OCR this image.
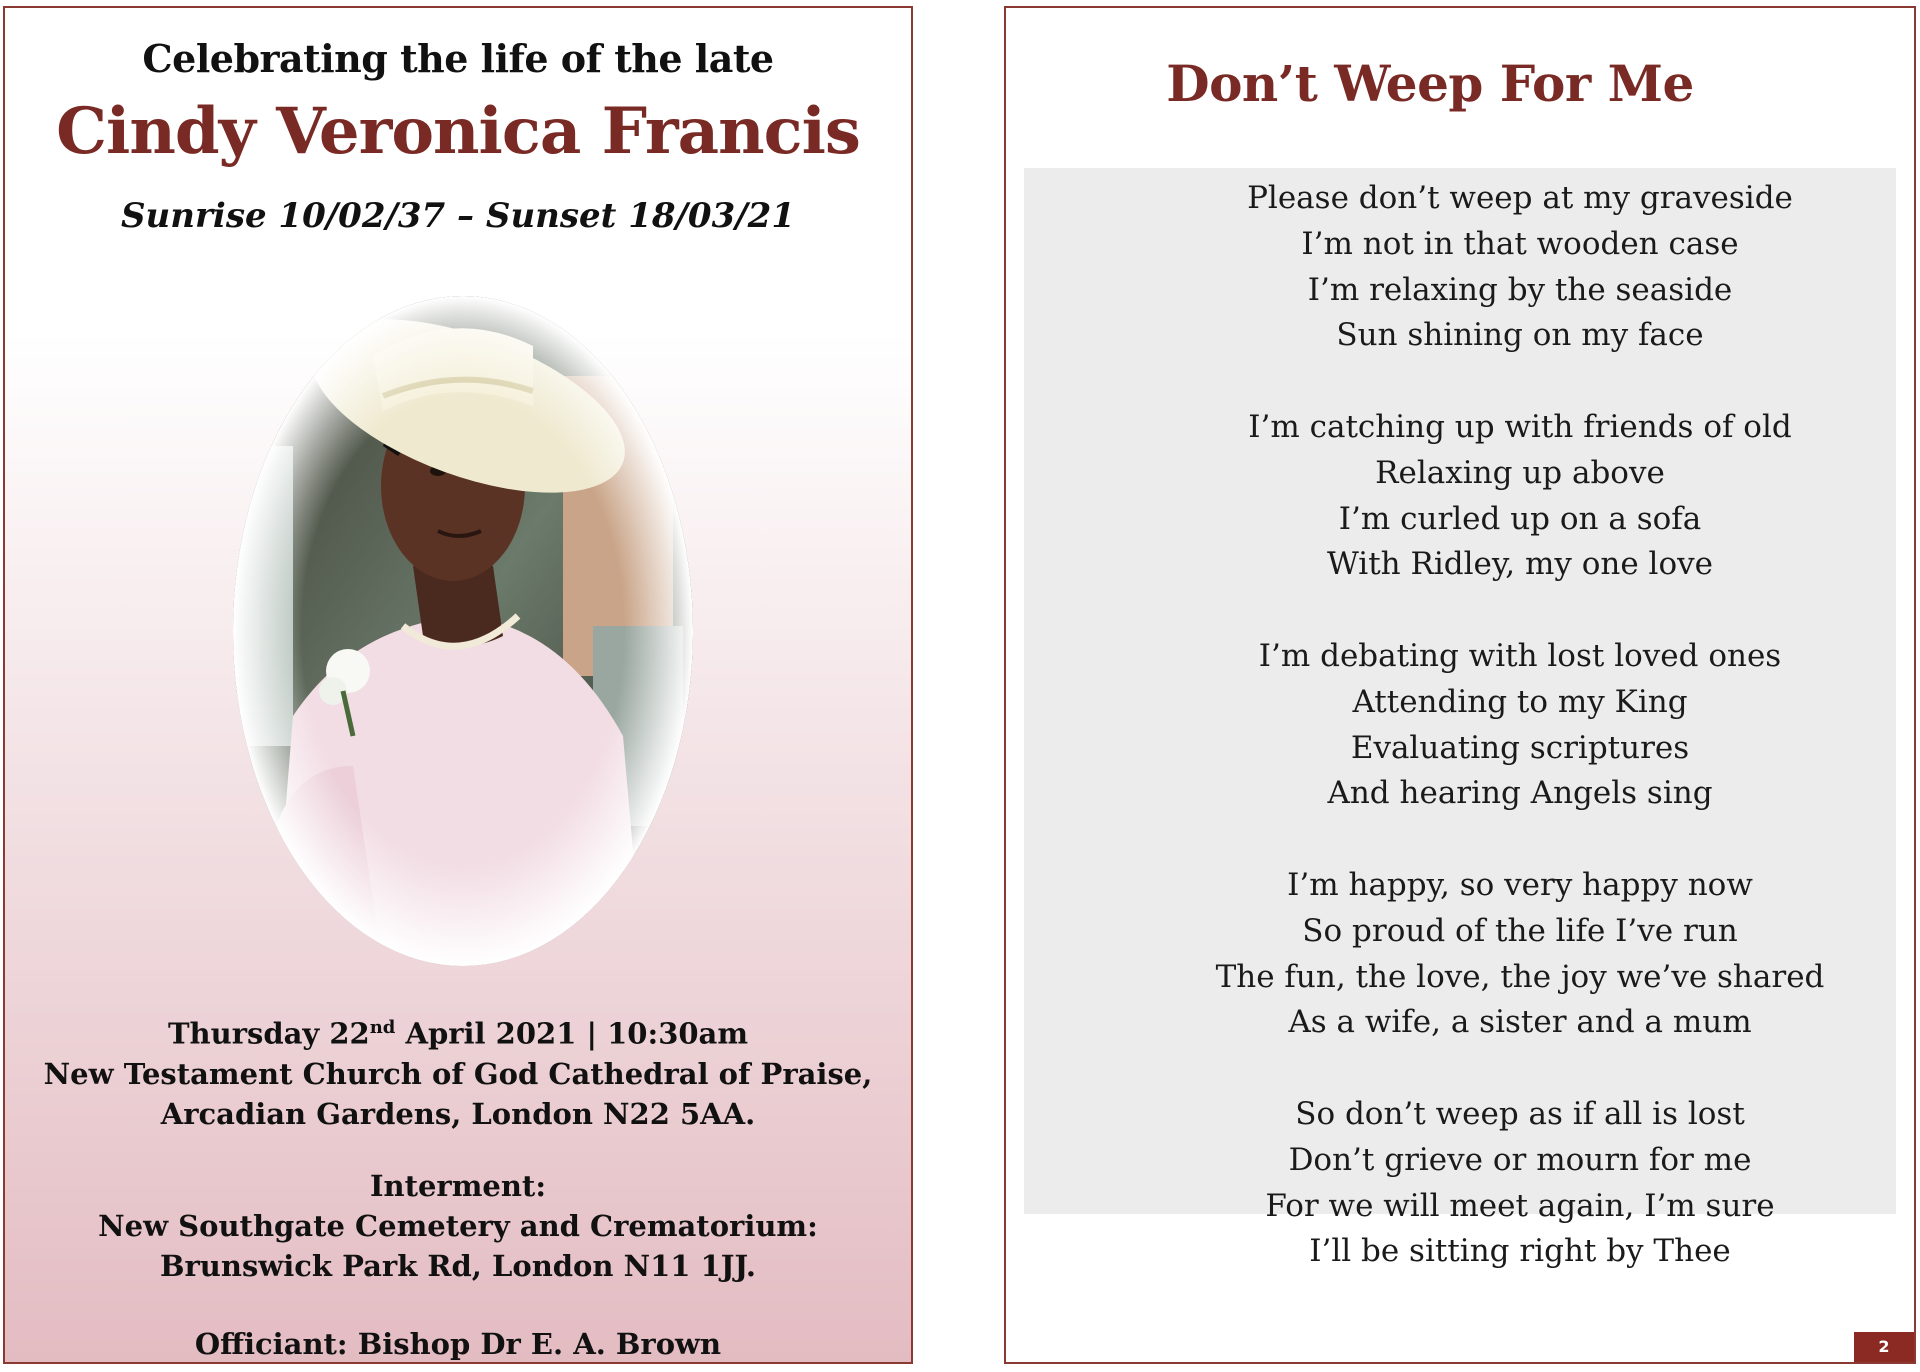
Celebrating the life of the late
Cindy Veronica Francis
Sunrise 10/02/37 – Sunset 18/03/21
Thursday 22nd April 2021 | 10:30am
New Testament Church of God Cathedral of Praise,
Arcadian Gardens, London N22 5AA.
Interment:
New Southgate Cemetery and Crematorium:
Brunswick Park Rd, London N11 1JJ.
Officiant: Bishop Dr E. A. Brown
Don’t Weep For Me
Please don’t weep at my graveside
I’m not in that wooden case
I’m relaxing by the seaside
Sun shining on my face
I’m catching up with friends of old
Relaxing up above
I’m curled up on a sofa
With Ridley, my one love
I’m debating with lost loved ones
Attending to my King
Evaluating scriptures
And hearing Angels sing
I’m happy, so very happy now
So proud of the life I’ve run
The fun, the love, the joy we’ve shared
As a wife, a sister and a mum
So don’t weep as if all is lost
Don’t grieve or mourn for me
For we will meet again, I’m sure
I’ll be sitting right by Thee
2
